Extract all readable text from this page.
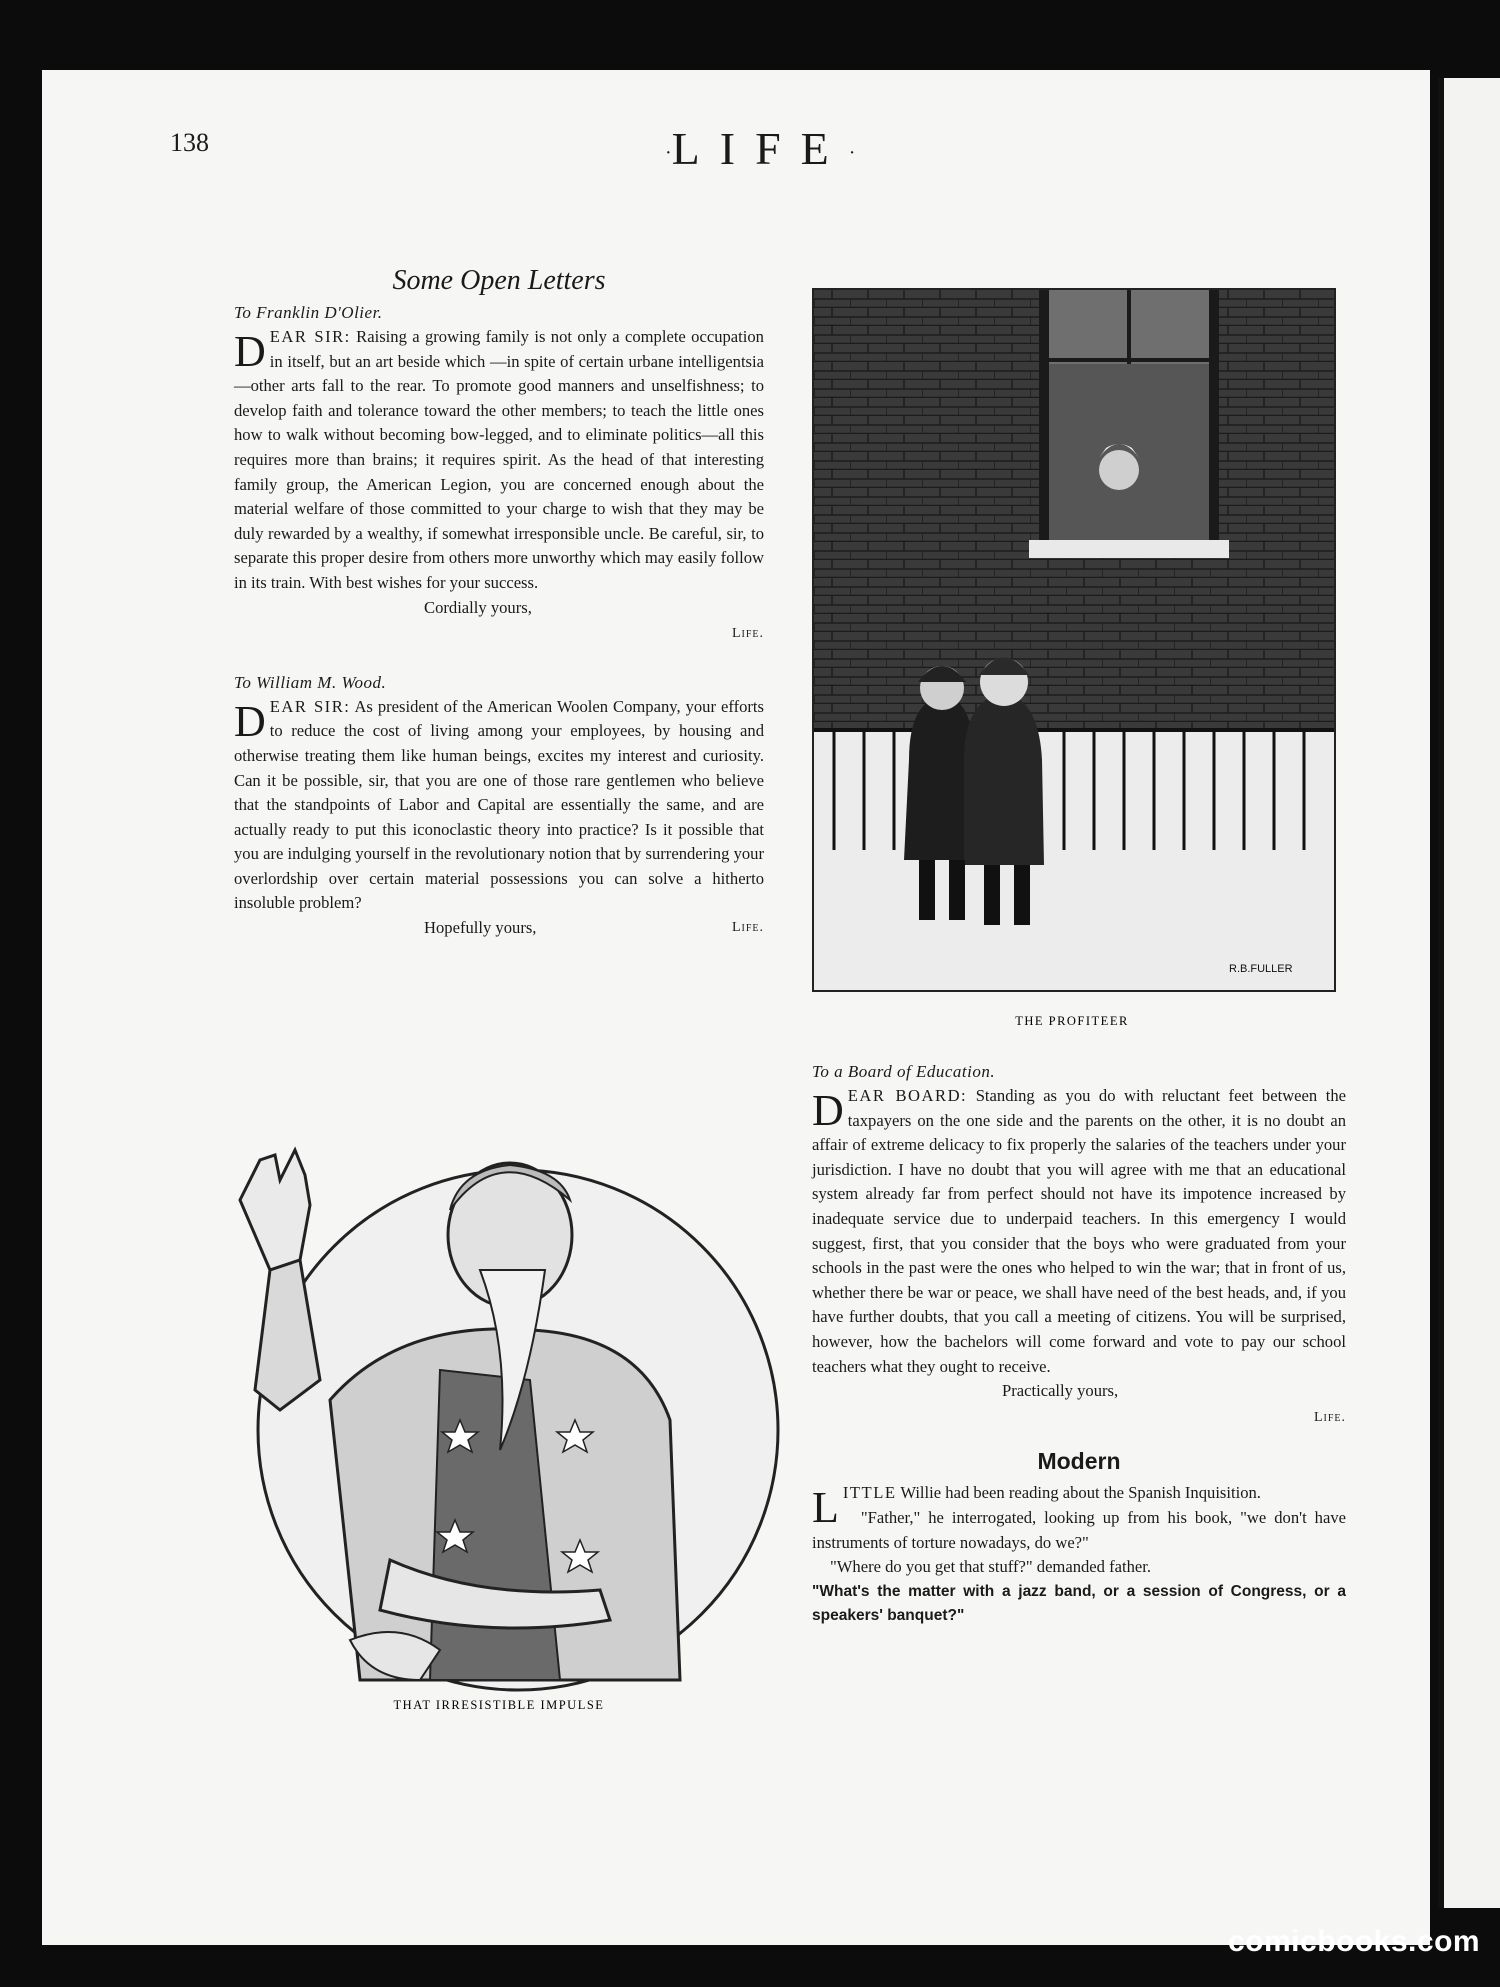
138	·LIFE·

Some Open Letters

To Franklin D'Olier.

DEAR SIR: Raising a growing family is not only a complete occupation in itself, but an art beside which —in spite of certain urbane intelligentsia—other arts fall to the rear. To promote good manners and unselfishness; to develop faith and tolerance toward the other members; to teach the little ones how to walk without becoming bow-legged, and to eliminate politics—all this requires more than brains; it requires spirit. As the head of that interesting family group, the American Legion, you are concerned enough about the material welfare of those committed to your charge to wish that they may be duly rewarded by a wealthy, if somewhat irresponsible uncle. Be careful, sir, to separate this proper desire from others more unworthy which may easily follow in its train. With best wishes for your success.

Cordially yours,

Life.

To William M. Wood.

DEAR SIR: As president of the American Woolen Company, your efforts to reduce the cost of living among your employees, by housing and otherwise treating them like human beings, excites my interest and curiosity. Can it be possible, sir, that you are one of those rare gentlemen who believe that the standpoints of Labor and Capital are essentially the same, and are actually ready to put this iconoclastic theory into practice? Is it possible that you are indulging yourself in the revolutionary notion that by surrendering your overlordship over certain material possessions you can solve a hitherto insoluble problem?

Hopefully yours,	Life.

R.B.FULLER
THE PROFITEER

To a Board of Education.

DEAR BOARD: Standing as you do with reluctant feet between the taxpayers on the one side and the parents on the other, it is no doubt an affair of extreme delicacy to fix properly the salaries of the teachers under your jurisdiction. I have no doubt that you will agree with me that an educational system already far from perfect should not have its impotence increased by inadequate service due to underpaid teachers. In this emergency I would suggest, first, that you consider that the boys who were graduated from your schools in the past were the ones who helped to win the war; that in front of us, whether there be war or peace, we shall have need of the best heads, and, if you have further doubts, that you call a meeting of citizens. You will be surprised, however, how the bachelors will come forward and vote to pay our school teachers what they ought to receive.

Practically yours,

Life.

Modern

LITTLE Willie had been reading about the Spanish Inquisition.

"Father," he interrogated, looking up from his book, "we don't have instruments of torture nowadays, do we?"

"Where do you get that stuff?" demanded father.

"What's the matter with a jazz band, or a session of Congress, or a speakers' banquet?"

THAT IRRESISTIBLE IMPULSE
comicbooks.com
